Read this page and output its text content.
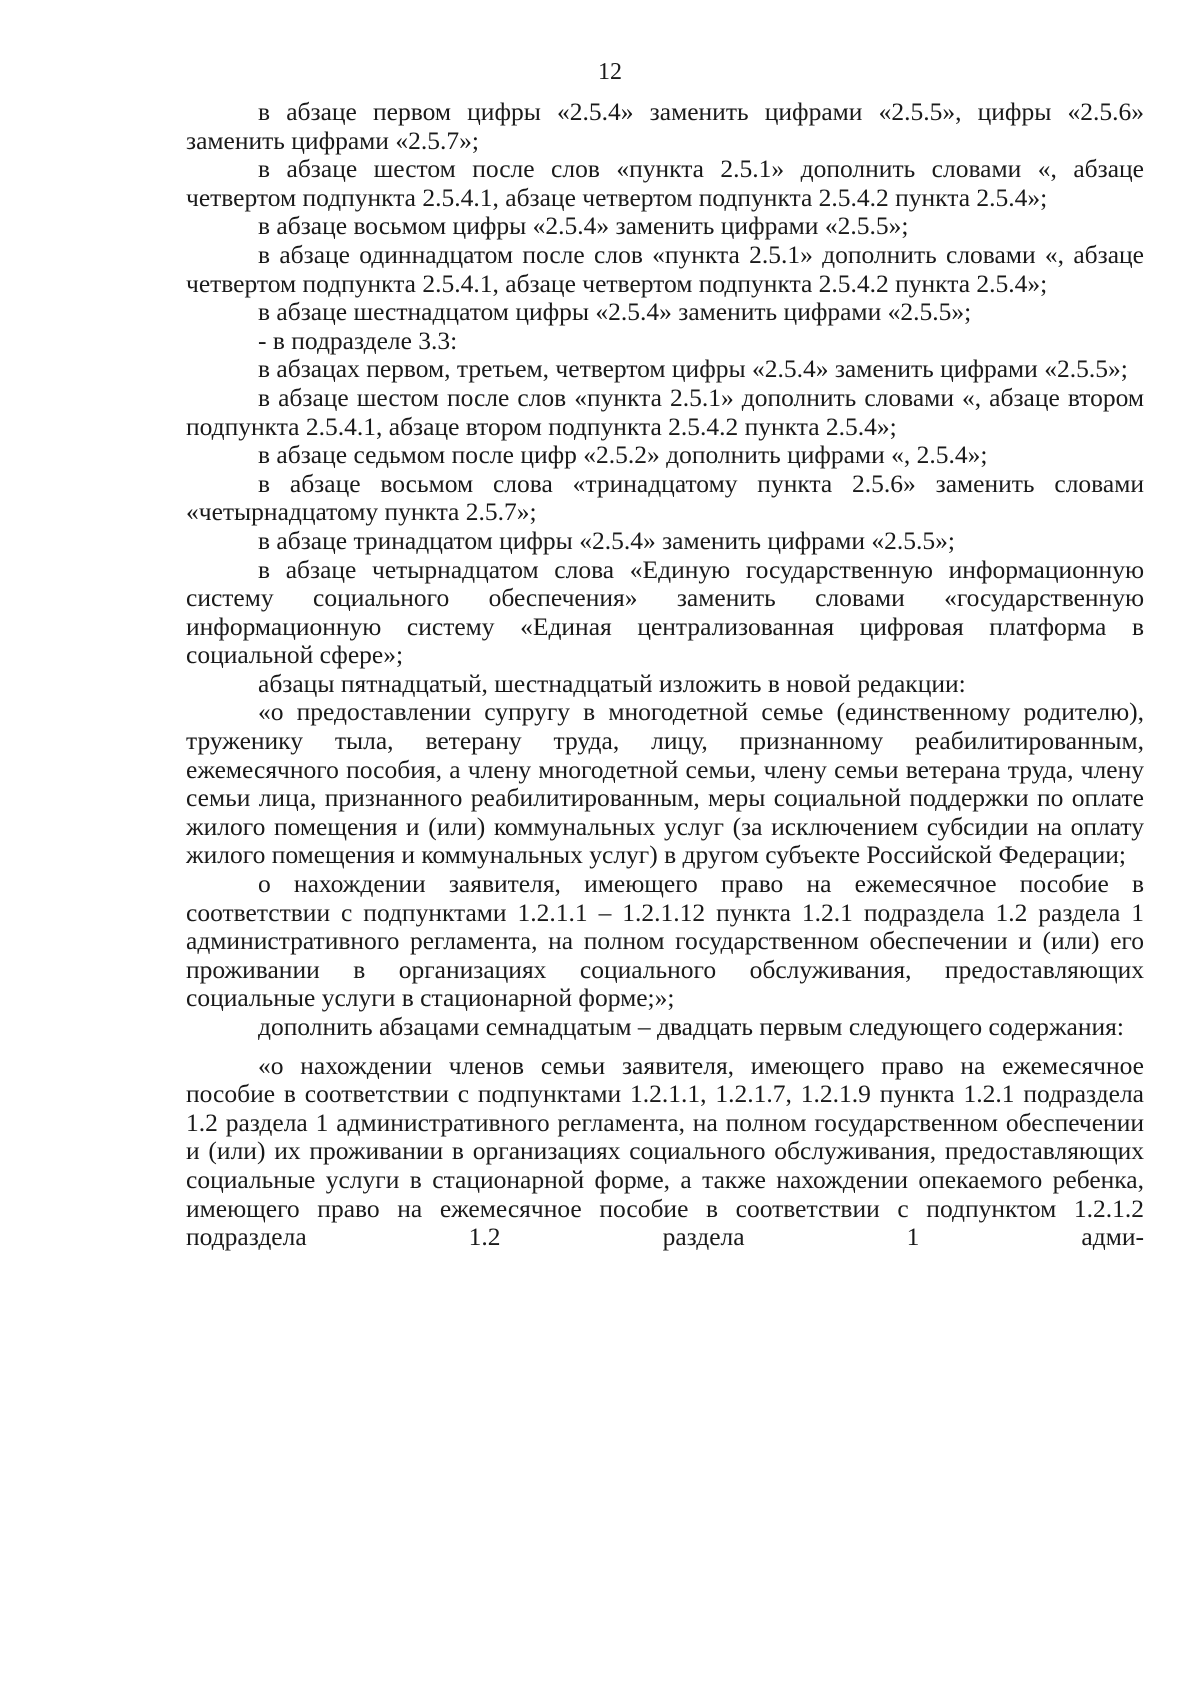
12

в абзаце первом цифры «2.5.4» заменить цифрами «2.5.5», цифры «2.5.6» заменить цифрами «2.5.7»;

в абзаце шестом после слов «пункта 2.5.1» дополнить словами «, абзаце четвертом подпункта 2.5.4.1, абзаце четвертом подпункта 2.5.4.2 пункта 2.5.4»;

в абзаце восьмом цифры «2.5.4» заменить цифрами «2.5.5»;

в абзаце одиннадцатом после слов «пункта 2.5.1» дополнить словами «, абзаце четвертом подпункта 2.5.4.1, абзаце четвертом подпункта 2.5.4.2 пункта 2.5.4»;

в абзаце шестнадцатом цифры «2.5.4» заменить цифрами «2.5.5»;

- в подразделе 3.3:

в абзацах первом, третьем, четвертом цифры «2.5.4» заменить цифрами «2.5.5»;

в абзаце шестом после слов «пункта 2.5.1» дополнить словами «, абзаце втором подпункта 2.5.4.1, абзаце втором подпункта 2.5.4.2 пункта 2.5.4»;

в абзаце седьмом после цифр «2.5.2» дополнить цифрами «, 2.5.4»;

в абзаце восьмом слова «тринадцатому пункта 2.5.6» заменить словами «четырнадцатому пункта 2.5.7»;

в абзаце тринадцатом цифры «2.5.4» заменить цифрами «2.5.5»;

в абзаце четырнадцатом слова «Единую государственную информационную систему социального обеспечения» заменить словами «государственную информационную систему «Единая централизованная цифровая платформа в социальной сфере»;

абзацы пятнадцатый, шестнадцатый изложить в новой редакции:

«о предоставлении супругу в многодетной семье (единственному родителю), труженику тыла, ветерану труда, лицу, признанному реабилитированным, ежемесячного пособия, а члену многодетной семьи, члену семьи ветерана труда, члену семьи лица, признанного реабилитированным, меры социальной поддержки по оплате жилого помещения и (или) коммунальных услуг (за исключением субсидии на оплату жилого помещения и коммунальных услуг) в другом субъекте Российской Федерации;

о нахождении заявителя, имеющего право на ежемесячное пособие в соответствии с подпунктами 1.2.1.1 – 1.2.1.12 пункта 1.2.1 подраздела 1.2 раздела 1 административного регламента, на полном государственном обеспечении и (или) его проживании в организациях социального обслуживания, предоставляющих социальные услуги в стационарной форме;»;

дополнить абзацами семнадцатым – двадцать первым следующего содержания:

«о нахождении членов семьи заявителя, имеющего право на ежемесячное пособие в соответствии с подпунктами 1.2.1.1, 1.2.1.7, 1.2.1.9 пункта 1.2.1 подраздела 1.2 раздела 1 административного регламента, на полном государственном обеспечении и (или) их проживании в организациях социального обслуживания, предоставляющих социальные услуги в стационарной форме, а также нахождении опекаемого ребенка, имеющего право на ежемесячное пособие в соответствии с подпунктом 1.2.1.2 подраздела 1.2 раздела 1 адми-
